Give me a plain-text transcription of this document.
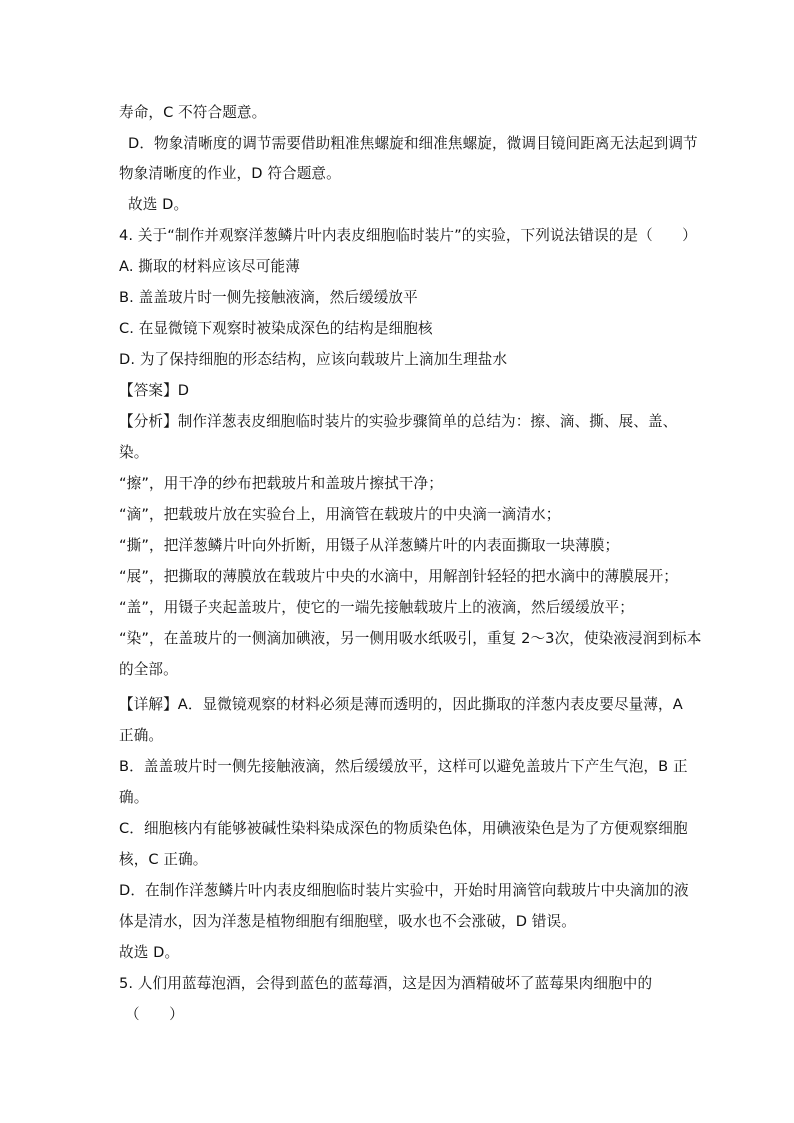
寿命，C 不符合题意。
D．物象清晰度的调节需要借助粗准焦螺旋和细准焦螺旋，微调目镜间距离无法起到调节
物象清晰度的作业，D 符合题意。
故选 D。
4. 关于“制作并观察洋葱鳞片叶内表皮细胞临时装片”的实验，下列说法错误的是（　　）
A. 撕取的材料应该尽可能薄
B. 盖盖玻片时一侧先接触液滴，然后缓缓放平
C. 在显微镜下观察时被染成深色的结构是细胞核
D. 为了保持细胞的形态结构，应该向载玻片上滴加生理盐水
【答案】D
【分析】制作洋葱表皮细胞临时装片的实验步骤简单的总结为：擦、滴、撕、展、盖、
染。
“擦”，用干净的纱布把载玻片和盖玻片擦拭干净；
“滴”，把载玻片放在实验台上，用滴管在载玻片的中央滴一滴清水；
“撕”，把洋葱鳞片叶向外折断，用镊子从洋葱鳞片叶的内表面撕取一块薄膜；
“展”，把撕取的薄膜放在载玻片中央的水滴中，用解剖针轻轻的把水滴中的薄膜展开；
“盖”，用镊子夹起盖玻片，使它的一端先接触载玻片上的液滴，然后缓缓放平；
“染”，在盖玻片的一侧滴加碘液，另一侧用吸水纸吸引，重复 2～3次，使染液浸润到标本
的全部。
【详解】A．显微镜观察的材料必须是薄而透明的，因此撕取的洋葱内表皮要尽量薄，A
正确。
B．盖盖玻片时一侧先接触液滴，然后缓缓放平，这样可以避免盖玻片下产生气泡，B 正
确。
C．细胞核内有能够被碱性染料染成深色的物质染色体，用碘液染色是为了方便观察细胞
核，C 正确。
D．在制作洋葱鳞片叶内表皮细胞临时装片实验中，开始时用滴管向载玻片中央滴加的液
体是清水，因为洋葱是植物细胞有细胞壁，吸水也不会涨破，D 错误。
故选 D。
5. 人们用蓝莓泡酒，会得到蓝色的蓝莓酒，这是因为酒精破坏了蓝莓果肉细胞中的
（　　）
